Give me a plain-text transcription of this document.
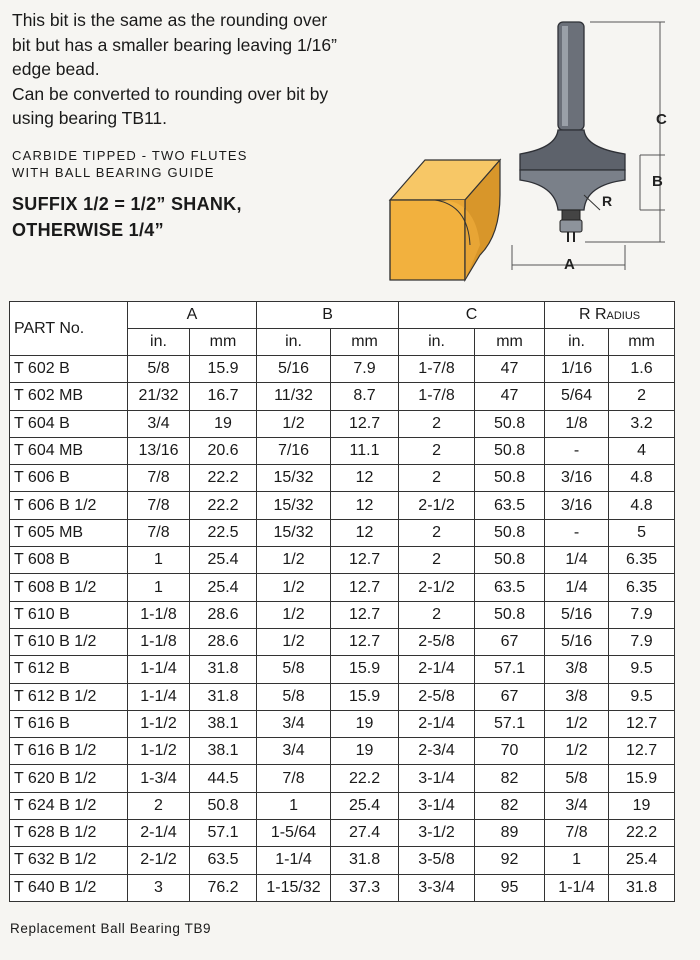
This bit is the same as the rounding over

bit but has a smaller bearing leaving 1/16”

edge bead.

Can be converted to rounding over bit by

using bearing TB11.

CARBIDE TIPPED - TWO FLUTES
WITH BALL BEARING GUIDE
SUFFIX 1/2 = 1/2” SHANK,
OTHERWISE 1/4”
C
B
R
A
PART No.	A		B		C		R Radius	
	in.	mm	in.	mm	in.	mm	in.	mm
T 602 B	5/8	15.9	5/16	7.9	1-7/8	47	1/16	1.6
T 602 MB	21/32	16.7	11/32	8.7	1-7/8	47	5/64	2
T 604 B	3/4	19	1/2	12.7	2	50.8	1/8	3.2
T 604 MB	13/16	20.6	7/16	11.1	2	50.8	-	4
T 606 B	7/8	22.2	15/32	12	2	50.8	3/16	4.8
T 606 B 1/2	7/8	22.2	15/32	12	2-1/2	63.5	3/16	4.8
T 605 MB	7/8	22.5	15/32	12	2	50.8	-	5
T 608 B	1	25.4	1/2	12.7	2	50.8	1/4	6.35
T 608 B 1/2	1	25.4	1/2	12.7	2-1/2	63.5	1/4	6.35
T 610 B	1-1/8	28.6	1/2	12.7	2	50.8	5/16	7.9
T 610 B 1/2	1-1/8	28.6	1/2	12.7	2-5/8	67	5/16	7.9
T 612 B	1-1/4	31.8	5/8	15.9	2-1/4	57.1	3/8	9.5
T 612 B 1/2	1-1/4	31.8	5/8	15.9	2-5/8	67	3/8	9.5
T 616 B	1-1/2	38.1	3/4	19	2-1/4	57.1	1/2	12.7
T 616 B 1/2	1-1/2	38.1	3/4	19	2-3/4	70	1/2	12.7
T 620 B 1/2	1-3/4	44.5	7/8	22.2	3-1/4	82	5/8	15.9
T 624 B 1/2	2	50.8	1	25.4	3-1/4	82	3/4	19
T 628 B 1/2	2-1/4	57.1	1-5/64	27.4	3-1/2	89	7/8	22.2
T 632 B 1/2	2-1/2	63.5	1-1/4	31.8	3-5/8	92	1	25.4
T 640 B 1/2	3	76.2	1-15/32	37.3	3-3/4	95	1-1/4	31.8
Replacement Ball Bearing TB9
